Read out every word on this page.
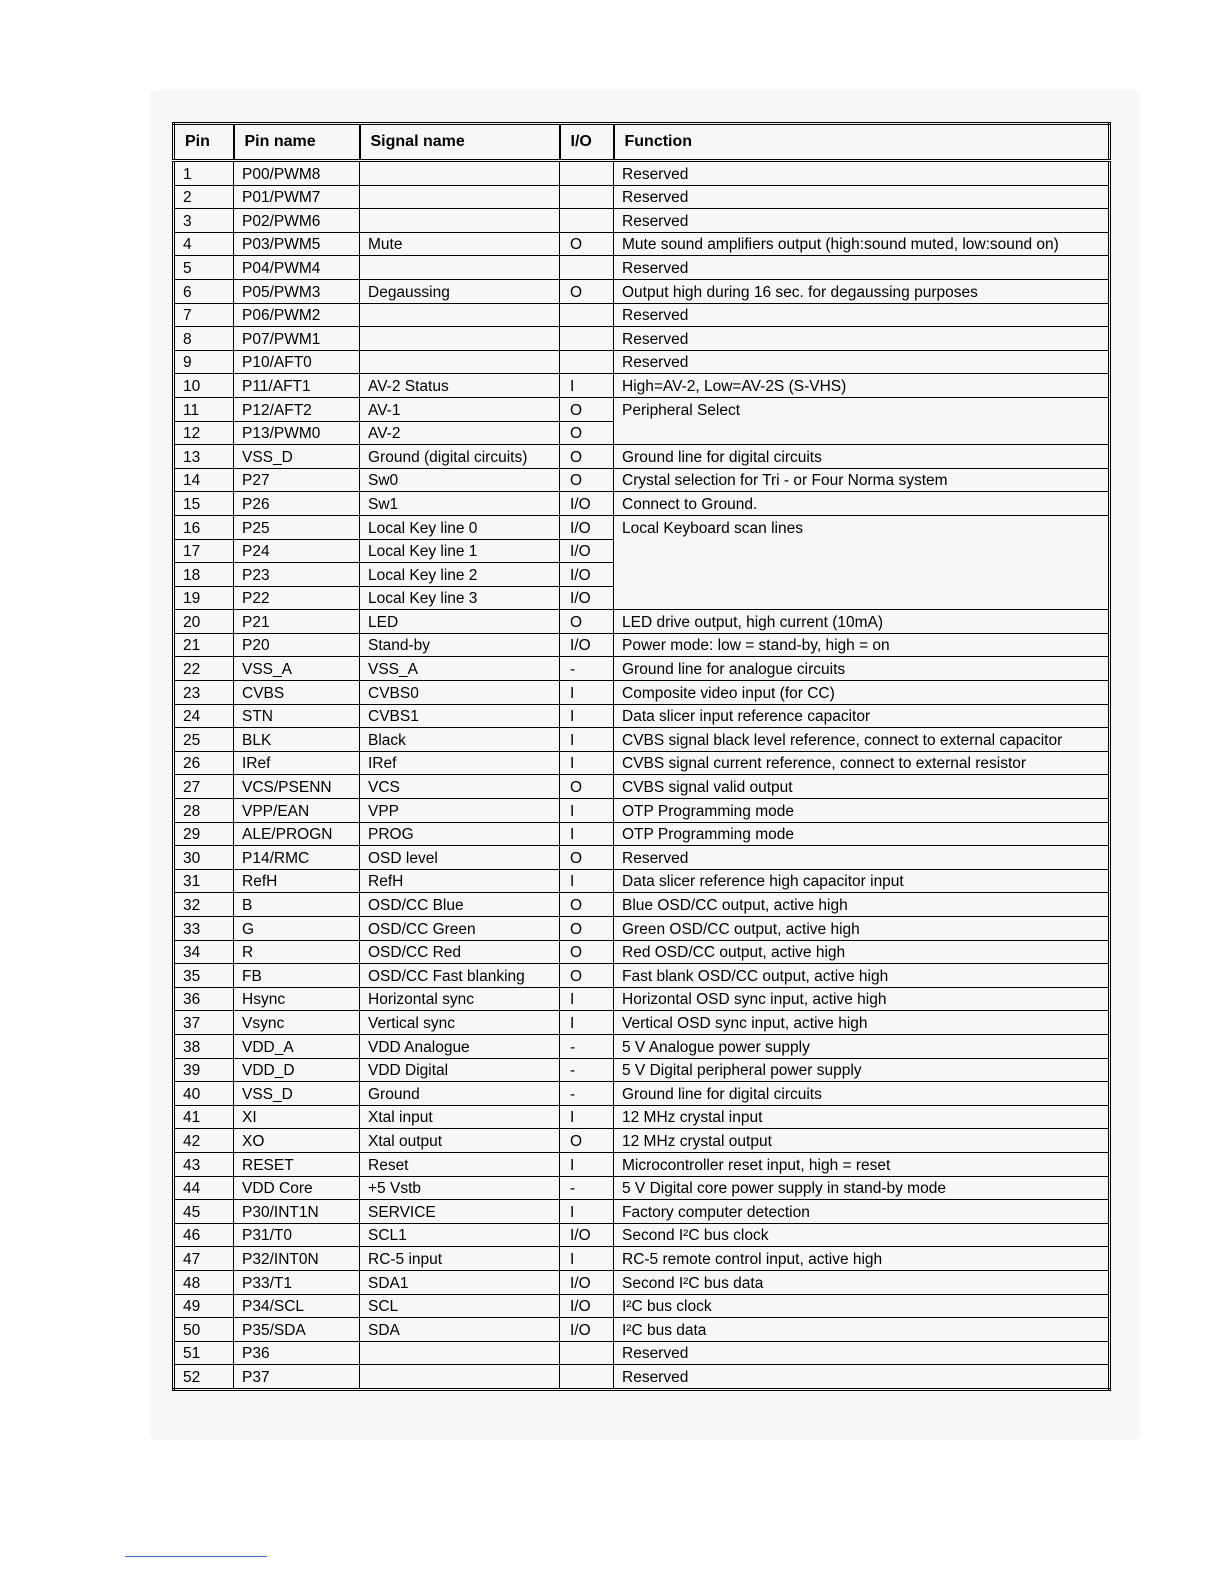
Pin	Pin name	Signal name	I/O	Function
1	P00/PWM8			Reserved
2	P01/PWM7			Reserved
3	P02/PWM6			Reserved
4	P03/PWM5	Mute	O	Mute sound amplifiers output (high:sound muted, low:sound on)
5	P04/PWM4			Reserved
6	P05/PWM3	Degaussing	O	Output high during 16 sec. for degaussing purposes
7	P06/PWM2			Reserved
8	P07/PWM1			Reserved
9	P10/AFT0			Reserved
10	P11/AFT1	AV-2 Status	I	High=AV-2, Low=AV-2S (S-VHS)
11	P12/AFT2	AV-1	O	Peripheral Select
12	P13/PWM0	AV-2	O	
13	VSS_D	Ground (digital circuits)	O	Ground line for digital circuits
14	P27	Sw0	O	Crystal selection for Tri - or Four Norma system
15	P26	Sw1	I/O	Connect to Ground.
16	P25	Local Key line 0	I/O	Local Keyboard scan lines
17	P24	Local Key line 1	I/O	
18	P23	Local Key line 2	I/O	
19	P22	Local Key line 3	I/O	
20	P21	LED	O	LED drive output, high current (10mA)
21	P20	Stand-by	I/O	Power mode: low = stand-by, high = on
22	VSS_A	VSS_A	-	Ground line for analogue circuits
23	CVBS	CVBS0	I	Composite video input (for CC)
24	STN	CVBS1	I	Data slicer input reference capacitor
25	BLK	Black	I	CVBS signal black level reference, connect to external capacitor
26	IRef	IRef	I	CVBS signal current reference, connect to external resistor
27	VCS/PSENN	VCS	O	CVBS signal valid output
28	VPP/EAN	VPP	I	OTP Programming mode
29	ALE/PROGN	PROG	I	OTP Programming mode
30	P14/RMC	OSD level	O	Reserved
31	RefH	RefH	I	Data slicer reference high capacitor input
32	B	OSD/CC Blue	O	Blue OSD/CC output, active high
33	G	OSD/CC Green	O	Green OSD/CC output, active high
34	R	OSD/CC Red	O	Red OSD/CC output, active high
35	FB	OSD/CC Fast blanking	O	Fast blank OSD/CC output, active high
36	Hsync	Horizontal sync	I	Horizontal OSD sync input, active high
37	Vsync	Vertical sync	I	Vertical OSD sync input, active high
38	VDD_A	VDD Analogue	-	5 V Analogue power supply
39	VDD_D	VDD Digital	-	5 V Digital peripheral power supply
40	VSS_D	Ground	-	Ground line for digital circuits
41	XI	Xtal input	I	12 MHz crystal input
42	XO	Xtal output	O	12 MHz crystal output
43	RESET	Reset	I	Microcontroller reset input, high = reset
44	VDD Core	+5 Vstb	-	5 V Digital core power supply in stand-by mode
45	P30/INT1N	SERVICE	I	Factory computer detection
46	P31/T0	SCL1	I/O	Second I²C bus clock
47	P32/INT0N	RC-5 input	I	RC-5 remote control input, active high
48	P33/T1	SDA1	I/O	Second I²C bus data
49	P34/SCL	SCL	I/O	I²C bus clock
50	P35/SDA	SDA	I/O	I²C bus data
51	P36			Reserved
52	P37			Reserved
